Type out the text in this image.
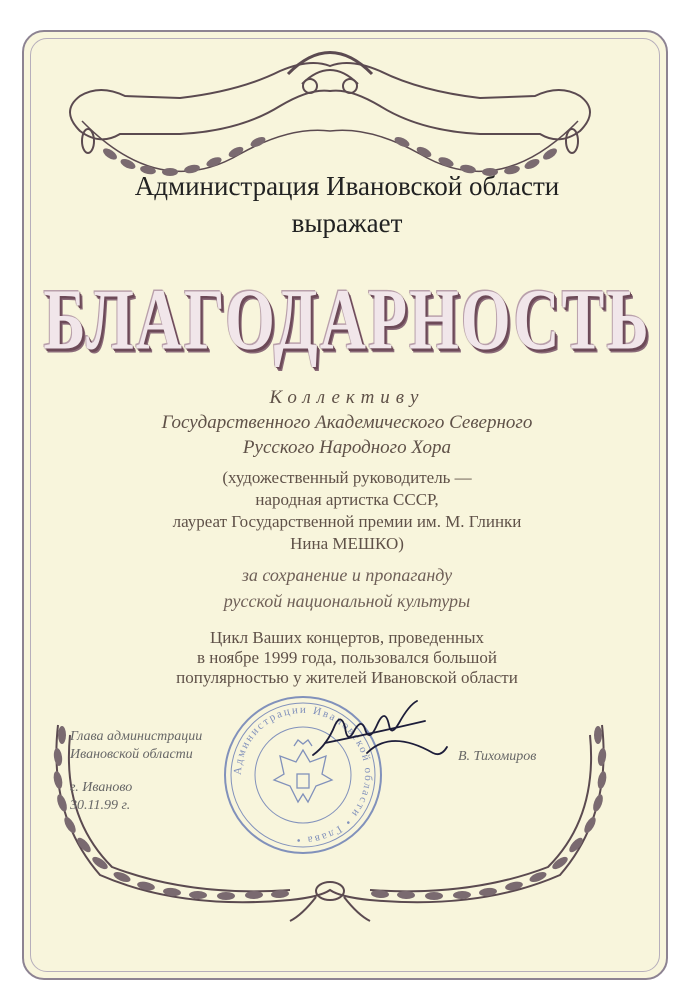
Администрация Ивановской области
выражает
БЛАГОДАРНОСТЬ
Коллективу
Государственного Академического Северного
Русского Народного Хора
(художественный руководитель —
народная артистка СССР,
лауреат Государственной премии им. М. Глинки
Нина МЕШКО)
за сохранение и пропаганду
русской национальной культуры
Цикл Ваших концертов, проведенных
в ноябре 1999 года, пользовался большой
популярностью у жителей Ивановской области
Администрации Ивановской области • Глава •
Глава администрации
Ивановской области	В. Тихомиров
г. Иваново
30.11.99 г.
